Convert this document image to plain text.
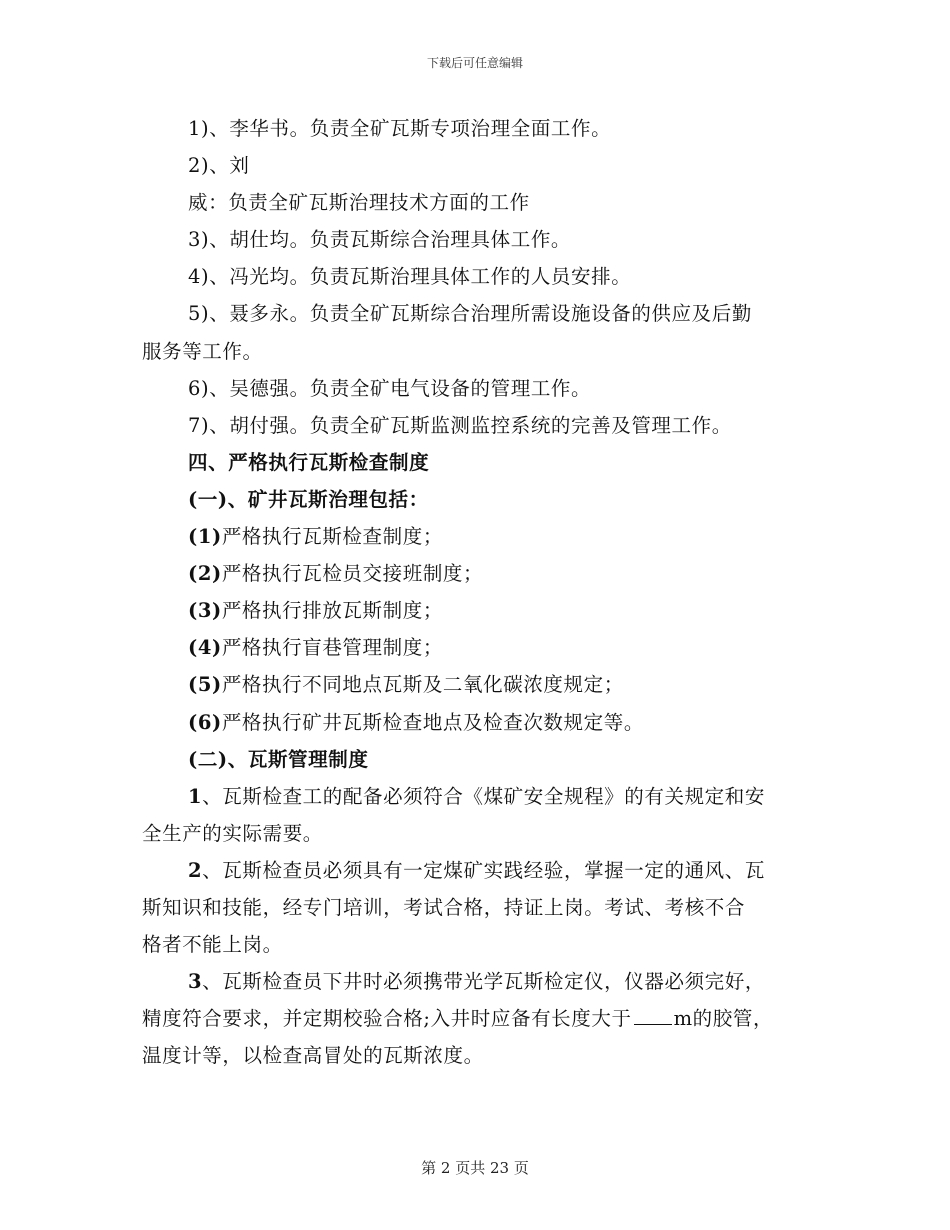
下载后可任意编辑
1)、李华书。负责全矿瓦斯专项治理全面工作。
2)、刘
威：负责全矿瓦斯治理技术方面的工作
3)、胡仕均。负责瓦斯综合治理具体工作。
4)、冯光均。负责瓦斯治理具体工作的人员安排。
5)、聂多永。负责全矿瓦斯综合治理所需设施设备的供应及后勤
服务等工作。
6)、吴德强。负责全矿电气设备的管理工作。
7)、胡付强。负责全矿瓦斯监测监控系统的完善及管理工作。
四、严格执行瓦斯检查制度
(一)、矿井瓦斯治理包括：
(1)严格执行瓦斯检查制度；
(2)严格执行瓦检员交接班制度；
(3)严格执行排放瓦斯制度；
(4)严格执行盲巷管理制度；
(5)严格执行不同地点瓦斯及二氧化碳浓度规定；
(6)严格执行矿井瓦斯检查地点及检查次数规定等。
(二)、瓦斯管理制度
1、瓦斯检查工的配备必须符合《煤矿安全规程》的有关规定和安
全生产的实际需要。
2、瓦斯检查员必须具有一定煤矿实践经验，掌握一定的通风、瓦
斯知识和技能，经专门培训，考试合格，持证上岗。考试、考核不合
格者不能上岗。
3、瓦斯检查员下井时必须携带光学瓦斯检定仪，仪器必须完好，
精度符合要求，并定期校验合格;入井时应备有长度大于 m的胶管，
温度计等，以检查高冒处的瓦斯浓度。
第 2 页共 23 页
